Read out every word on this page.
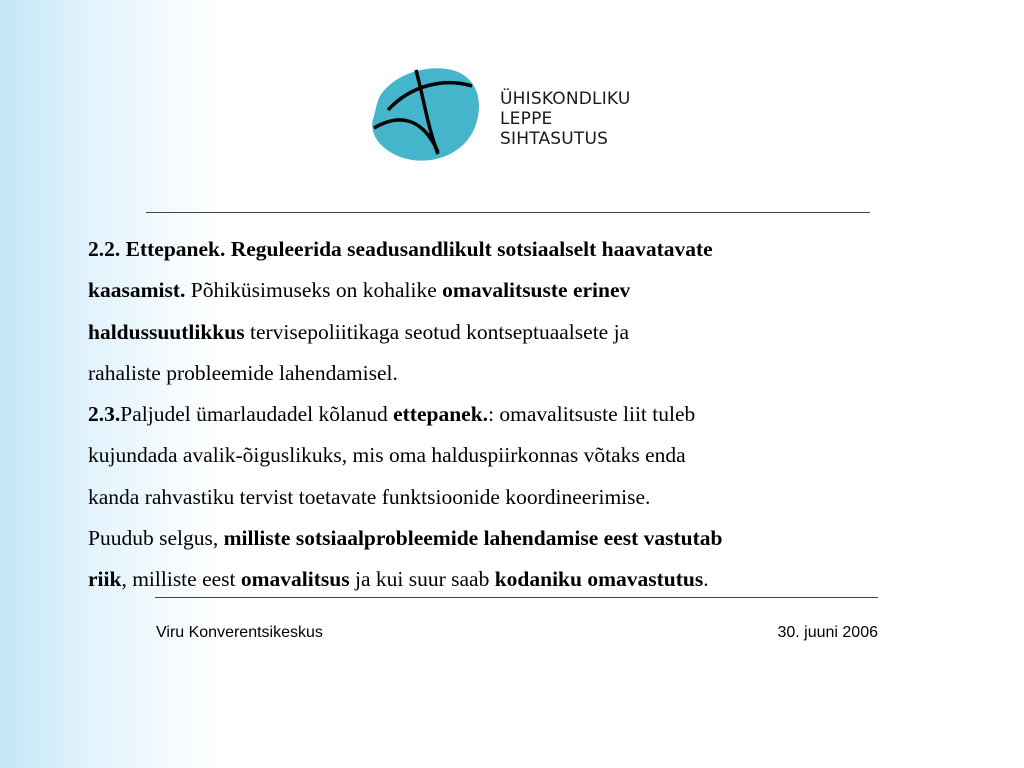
ÜHISKONDLIKU
LEPPE
SIHTASUTUS
2.2. Ettepanek. Reguleerida seadusandlikult sotsiaalselt haavatavate
kaasamist. Põhiküsimuseks on kohalike omavalitsuste erinev
haldussuutlikkus tervisepoliitikaga seotud kontseptuaalsete ja
rahaliste probleemide lahendamisel.
2.3.Paljudel ümarlaudadel kõlanud ettepanek.: omavalitsuste liit tuleb
kujundada avalik-õiguslikuks, mis oma halduspiirkonnas võtaks enda
kanda rahvastiku tervist toetavate funktsioonide koordineerimise.
Puudub selgus, milliste sotsiaalprobleemide lahendamise eest vastutab
riik, milliste eest omavalitsus ja kui suur saab kodaniku omavastutus.
Viru Konverentsikeskus	30. juuni 2006
